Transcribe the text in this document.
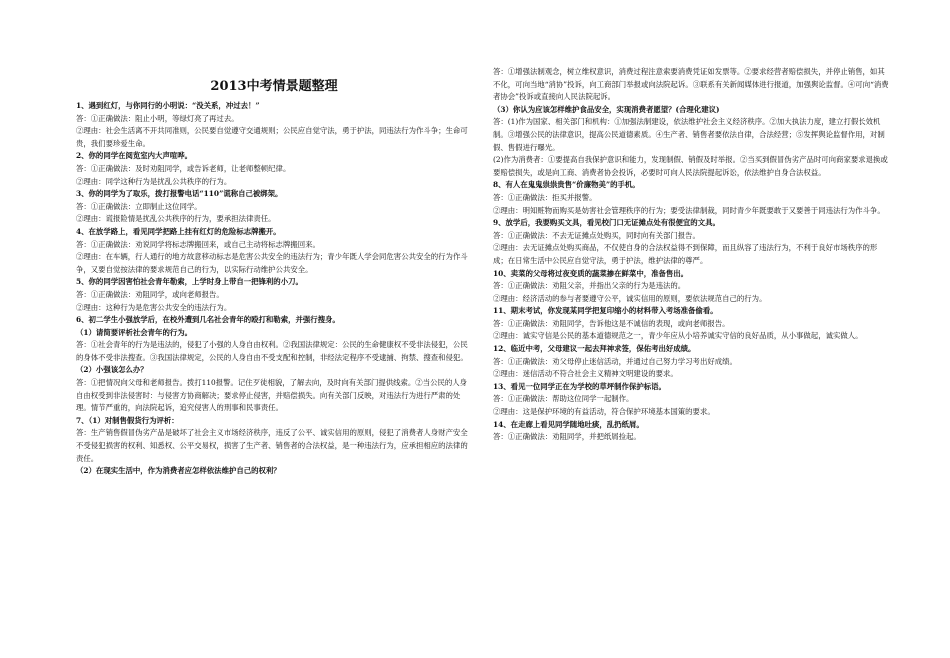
2013中考情景题整理
1、遇到红灯，与你同行的小明说：“没关系，冲过去！”
答：①正确做法：阻止小明，等绿灯亮了再过去。
②理由：社会生活离不开共同准则，公民要自觉遵守交通规则；公民应自觉守法，勇于护法，同违法行为作斗争；生命可贵，我们要珍爱生命。
2、你的同学在阅览室内大声喧哗。
答：①正确做法：及时劝阻同学，或告诉老师，让老师整顿纪律。
②理由：同学这种行为是扰乱公共秩序的行为。
3、你的同学为了取乐，拨打报警电话“110”谎称自己被绑架。
答：①正确做法：立即制止这位同学。
②理由：谎报险情是扰乱公共秩序的行为，要承担法律责任。
4、在放学路上，看见同学把路上挂有红灯的危险标志牌搬开。
答：①正确做法：劝说同学将标志牌搬回来，或自己主动将标志牌搬回来。
②理由：在车辆，行人通行的地方故意移动标志是危害公共安全的违法行为；青少年既人学会同危害公共安全的行为作斗争，又要自觉按法律的要求规范自己的行为，以实际行动维护公共安全。
5、你的同学因害怕社会青年勒索，上学时身上带自一把锋利的小刀。
答：①正确做法：劝阻同学，或向老师报告。
②理由：这种行为是危害公共安全的违法行为。
6、初二学生小强放学后，在校外遭到几名社会青年的殴打和勒索，并强行搜身。
（1）请简要评析社会青年的行为。
答：①社会青年的行为是违法的，侵犯了小强的人身自由权利。②我国法律规定：公民的生命健康权不受非法侵犯，公民的身体不受非法搜查。③我国法律规定，公民的人身自由不受支配和控制，非经法定程序不受逮捕、拘禁、搜查和侵犯。
（2）小强该怎么办？
答：①把情况向父母和老师报告。拨打110报警。记住歹徒相貌，了解去向，及时向有关部门提供线索。②当公民的人身自由权受到非法侵害时：与侵害方协商解决；要求停止侵害，并赔偿损失。向有关部门反映，对违法行为进行严肃的处理。情节严重的，向法院起诉，追究侵害人的刑事和民事责任。
7、（1）对制售假货行为评析：
答：生产销售假冒伪劣产品是破坏了社会主义市场经济秩序，违反了公平、诚实信用的原则，侵犯了消费者人身财产安全不受侵犯损害的权利、知悉权、公平交易权，损害了生产者、销售者的合法权益，是一种违法行为，应承担相应的法律的责任。
（2）在现实生活中，作为消费者应怎样依法维护自己的权利？
答：①增强法制观念，树立维权意识，消费过程注意索要消费凭证如发票等。②要求经营者赔偿损失，并停止销售，如其不化，可向当地“消协”投诉，向工商部门举报或向法院起诉。③联系有关新闻媒体进行报道，加强舆论监督。④可向“消费者协会”投诉或直接向人民法院起诉。
（3）你认为应该怎样维护食品安全，实现消费者愿望？(合理化建议)
答：(1)作为国家、相关部门和机构：①加强法制建设，依法维护社会主义经济秩序。②加大执法力度，建立打假长效机制。③增强公民的法律意识，提高公民道德素质。④生产者、销售者要依法自律，合法经营；⑤发挥舆论监督作用，对制假、售假进行曝光。
(2)作为消费者：①要提高自我保护意识和能力，发现制假、销假及时举报。②当买到假冒伪劣产品时可向商家要求退换或要赔偿损失，或是向工商、消费者协会投诉，必要时可向人民法院提起诉讼，依法维护自身合法权益。
8、有人在鬼鬼祟祟贵售“价廉物美”的手机。
答：①正确做法：拒买并报警。
②理由：明知赃物而购买是妨害社会管理秩序的行为；要受法律制裁，同时青少年既要敢于又要善于同违法行为作斗争。
9、放学后，我要购买文具，看见校门口无证摊点处有很便宜的文具。
答：①正确做法：不去无证摊点处购买，同时向有关部门报告。
②理由：去无证摊点处购买商品，不仅使自身的合法权益得不到保障，而且纵容了违法行为，不利于良好市场秩序的形成；在日常生活中公民应自觉守法，勇于护法，维护法律的尊严。
10、卖菜的父母将过夜变质的蔬菜掺在鲜菜中，准备售出。
答：①正确做法：劝阻父亲，并指出父亲的行为是违法的。
②理由：经济活动的参与者要遵守公平，诚实信用的原则，要依法规范自己的行为。
11、期末考试，你发现某同学把复印缩小的材料带入考场准备偷看。
答：①正确做法：劝阻同学，告诉他这是不诚信的表现，或向老师报告。
②理由：诚实守信是公民的基本道德规范之一，青少年应从小培养诚实守信的良好品质，从小事做起，诚实做人。
12、临近中考，父母建议一起去拜神求签，保佑考出好成绩。
答：①正确做法：劝父母停止迷信活动，并通过自己努力学习考出好成绩。
②理由：迷信活动不符合社会主义精神文明建设的要求。
13、看见一位同学正在为学校的草坪制作保护标语。
答：①正确做法：帮助这位同学一起制作。
②理由：这是保护环境的有益活动，符合保护环境基本国策的要求。
14、在走廊上看见同学随地吐痰，乱扔纸屑。
答：①正确做法：劝阻同学，并把纸屑捡起。
